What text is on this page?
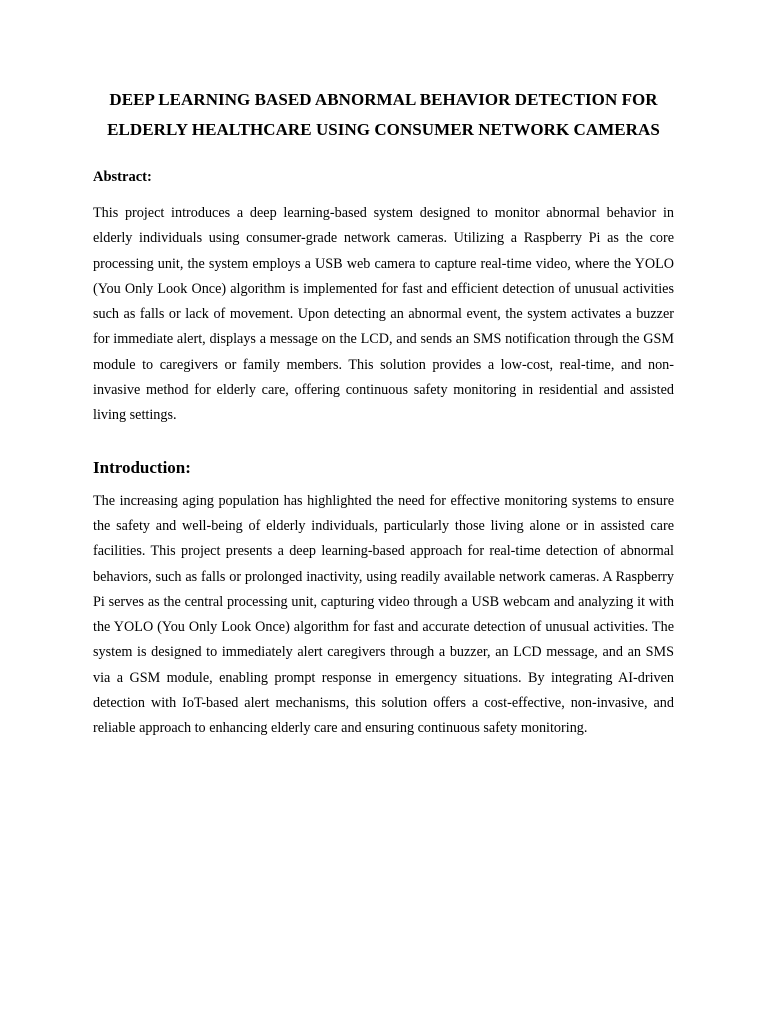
DEEP LEARNING BASED ABNORMAL BEHAVIOR DETECTION FOR ELDERLY HEALTHCARE USING CONSUMER NETWORK CAMERAS
Abstract:

This project introduces a deep learning-based system designed to monitor abnormal behavior in elderly individuals using consumer-grade network cameras. Utilizing a Raspberry Pi as the core processing unit, the system employs a USB web camera to capture real-time video, where the YOLO (You Only Look Once) algorithm is implemented for fast and efficient detection of unusual activities such as falls or lack of movement. Upon detecting an abnormal event, the system activates a buzzer for immediate alert, displays a message on the LCD, and sends an SMS notification through the GSM module to caregivers or family members. This solution provides a low-cost, real-time, and non-invasive method for elderly care, offering continuous safety monitoring in residential and assisted living settings.

Introduction:

The increasing aging population has highlighted the need for effective monitoring systems to ensure the safety and well-being of elderly individuals, particularly those living alone or in assisted care facilities. This project presents a deep learning-based approach for real-time detection of abnormal behaviors, such as falls or prolonged inactivity, using readily available network cameras. A Raspberry Pi serves as the central processing unit, capturing video through a USB webcam and analyzing it with the YOLO (You Only Look Once) algorithm for fast and accurate detection of unusual activities. The system is designed to immediately alert caregivers through a buzzer, an LCD message, and an SMS via a GSM module, enabling prompt response in emergency situations. By integrating AI-driven detection with IoT-based alert mechanisms, this solution offers a cost-effective, non-invasive, and reliable approach to enhancing elderly care and ensuring continuous safety monitoring.
